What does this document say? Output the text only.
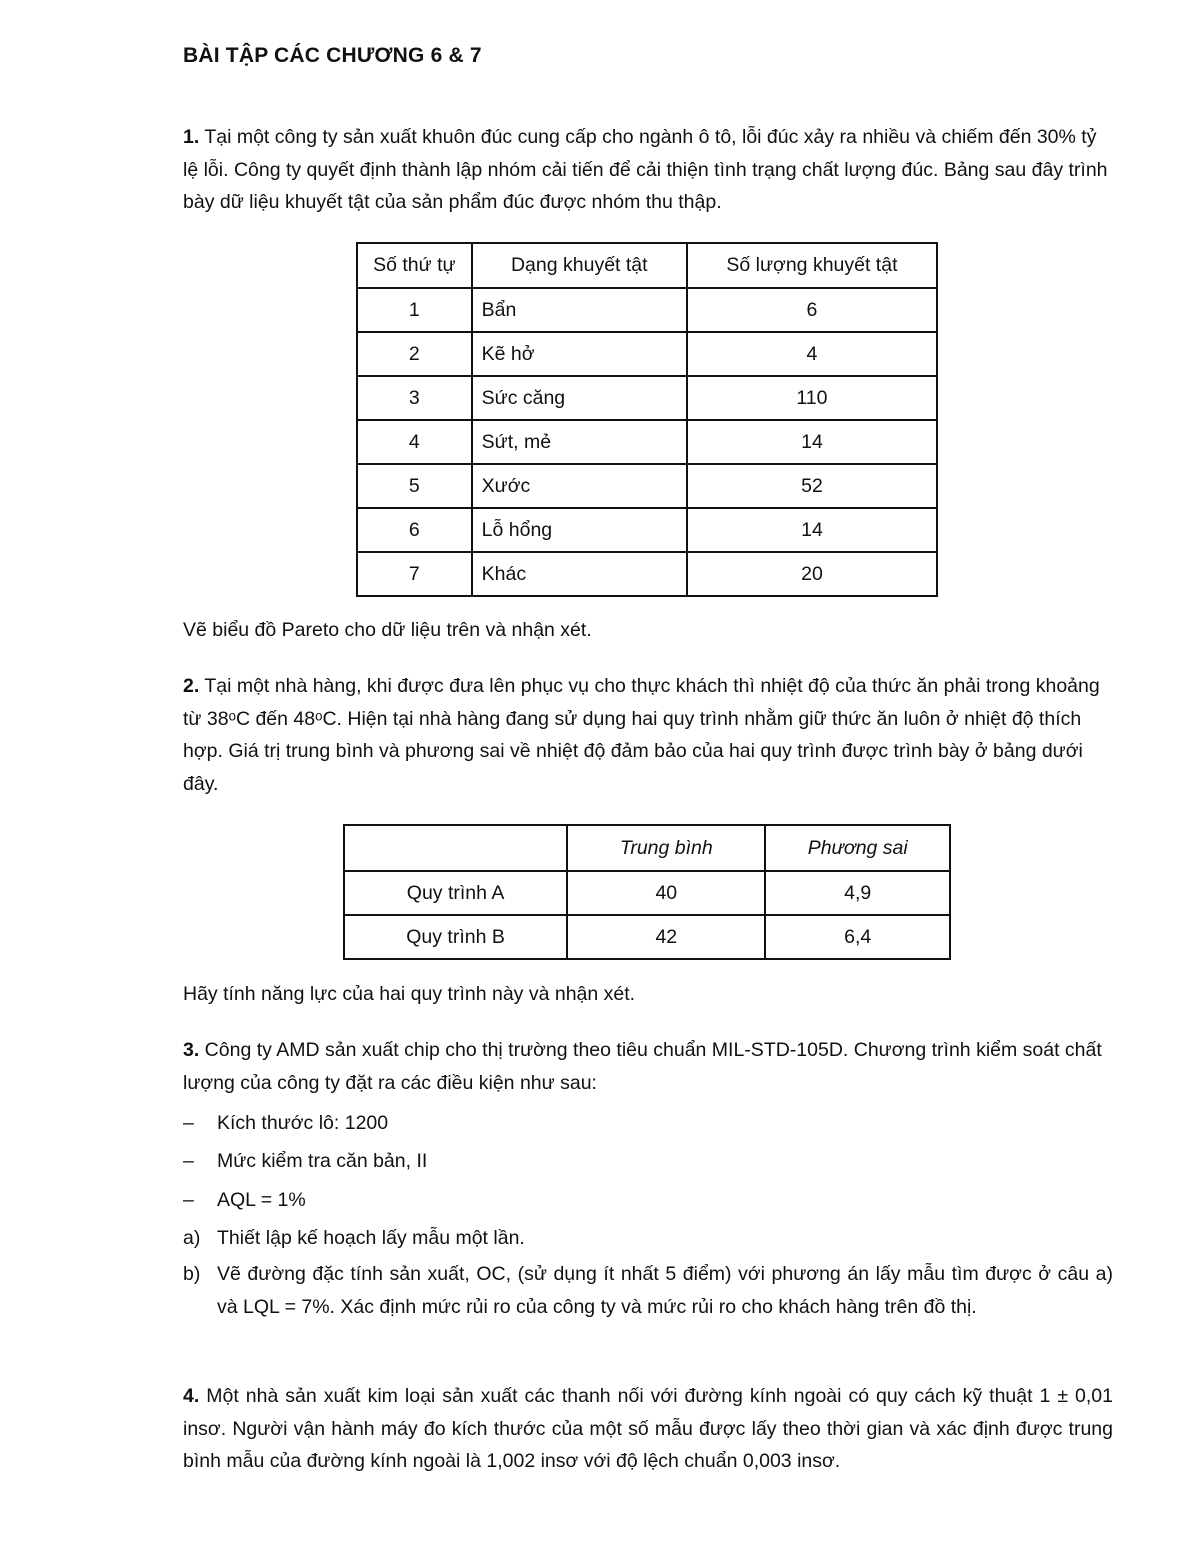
BÀI TẬP CÁC CHƯƠNG 6 & 7
1. Tại một công ty sản xuất khuôn đúc cung cấp cho ngành ô tô, lỗi đúc xảy ra nhiều và chiếm đến 30% tỷ lệ lỗi. Công ty quyết định thành lập nhóm cải tiến để cải thiện tình trạng chất lượng đúc. Bảng sau đây trình bày dữ liệu khuyết tật của sản phẩm đúc được nhóm thu thập.
Số thứ tự	Dạng khuyết tật	Số lượng khuyết tật
1	Bẩn	6
2	Kẽ hở	4
3	Sức căng	110
4	Sứt, mẻ	14
5	Xước	52
6	Lỗ hổng	14
7	Khác	20
Vẽ biểu đồ Pareto cho dữ liệu trên và nhận xét.
2. Tại một nhà hàng, khi được đưa lên phục vụ cho thực khách thì nhiệt độ của thức ăn phải trong khoảng từ 38ᵒC đến 48ᵒC. Hiện tại nhà hàng đang sử dụng hai quy trình nhằm giữ thức ăn luôn ở nhiệt độ thích hợp. Giá trị trung bình và phương sai về nhiệt độ đảm bảo của hai quy trình được trình bày ở bảng dưới đây.
	Trung bình	Phương sai
Quy trình A	40	4,9
Quy trình B	42	6,4
Hãy tính năng lực của hai quy trình này và nhận xét.
3. Công ty AMD sản xuất chip cho thị trường theo tiêu chuẩn MIL-STD-105D. Chương trình kiểm soát chất lượng của công ty đặt ra các điều kiện như sau:
– Kích thước lô: 1200
– Mức kiểm tra căn bản, II
– AQL = 1%
a) Thiết lập kế hoạch lấy mẫu một lần.
b) Vẽ đường đặc tính sản xuất, OC, (sử dụng ít nhất 5 điểm) với phương án lấy mẫu tìm được ở câu a) và LQL = 7%. Xác định mức rủi ro của công ty và mức rủi ro cho khách hàng trên đồ thị.
4. Một nhà sản xuất kim loại sản xuất các thanh nối với đường kính ngoài có quy cách kỹ thuật 1 ± 0,01 insơ. Người vận hành máy đo kích thước của một số mẫu được lấy theo thời gian và xác định được trung bình mẫu của đường kính ngoài là 1,002 insơ với độ lệch chuẩn 0,003 insơ.
